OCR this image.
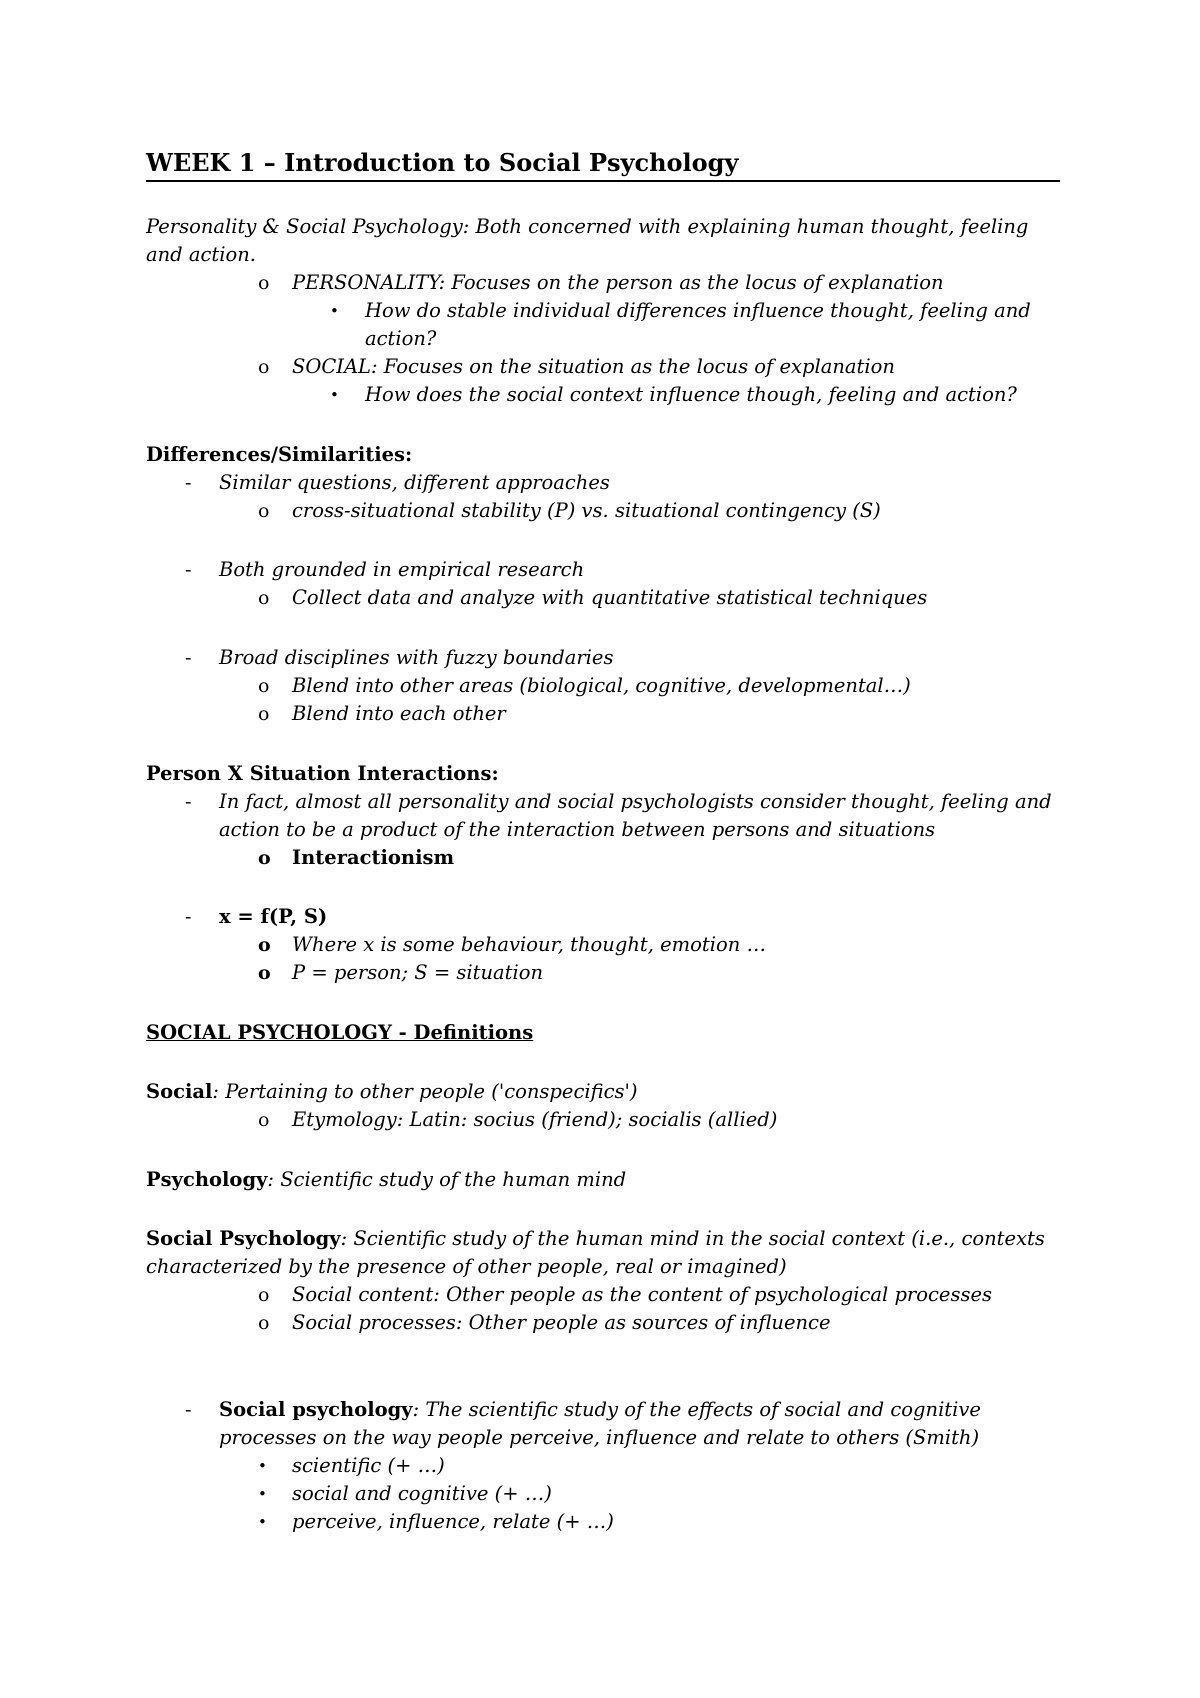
WEEK 1 – Introduction to Social Psychology
Personality & Social Psychology: Both concerned with explaining human thought, feeling
and action.
o PERSONALITY: Focuses on the person as the locus of explanation
• How do stable individual differences influence thought, feeling and
action?
o SOCIAL: Focuses on the situation as the locus of explanation
• How does the social context influence though, feeling and action?
Differences/Similarities:
- Similar questions, different approaches
o cross-situational stability (P) vs. situational contingency (S)
- Both grounded in empirical research
o Collect data and analyze with quantitative statistical techniques
- Broad disciplines with fuzzy boundaries
o Blend into other areas (biological, cognitive, developmental…)
o Blend into each other
Person X Situation Interactions:
- In fact, almost all personality and social psychologists consider thought, feeling and
action to be a product of the interaction between persons and situations
o Interactionism
- x = f(P, S)
o Where x is some behaviour, thought, emotion …
o P = person; S = situation
SOCIAL PSYCHOLOGY - Definitions
Social: Pertaining to other people ('conspecifics')
o Etymology: Latin: socius (friend); socialis (allied)
Psychology: Scientific study of the human mind
Social Psychology: Scientific study of the human mind in the social context (i.e., contexts
characterized by the presence of other people, real or imagined)
o Social content: Other people as the content of psychological processes
o Social processes: Other people as sources of influence
- Social psychology: The scientific study of the effects of social and cognitive
processes on the way people perceive, influence and relate to others (Smith)
• scientific (+ …)
• social and cognitive (+ …)
• perceive, influence, relate (+ …)
